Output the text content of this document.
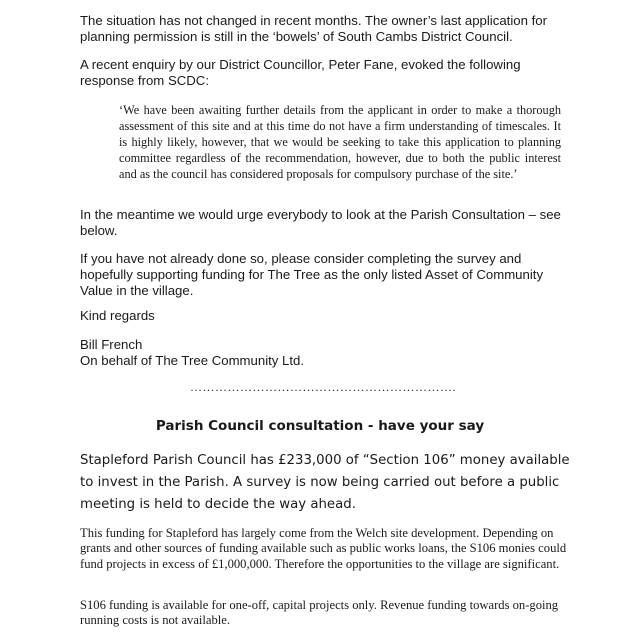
The situation has not changed in recent months. The owner’s last application for planning permission is still in the ‘bowels’ of South Cambs District Council.

A recent enquiry by our District Councillor, Peter Fane, evoked the following response from SCDC:

‘We have been awaiting further details from the applicant in order to make a thorough assessment of this site and at this time do not have a firm understanding of timescales. It is highly likely, however, that we would be seeking to take this application to planning committee regardless of the recommendation, however, due to both the public interest and as the council has considered proposals for compulsory purchase of the site.’

In the meantime we would urge everybody to look at the Parish Consultation – see below.

If you have not already done so, please consider completing the survey and hopefully supporting funding for The Tree as the only listed Asset of Community Value in the village.

Kind regards

Bill French

On behalf of The Tree Community Ltd.

……………………………………………………….
Parish Council consultation - have your say

Stapleford Parish Council has £233,000 of “Section 106” money available to invest in the Parish. A survey is now being carried out before a public meeting is held to decide the way ahead.

This funding for Stapleford has largely come from the Welch site development. Depending on grants and other sources of funding available such as public works loans, the S106 monies could fund projects in excess of £1,000,000. Therefore the opportunities to the village are significant.

S106 funding is available for one-off, capital projects only. Revenue funding towards on-going running costs is not available.
